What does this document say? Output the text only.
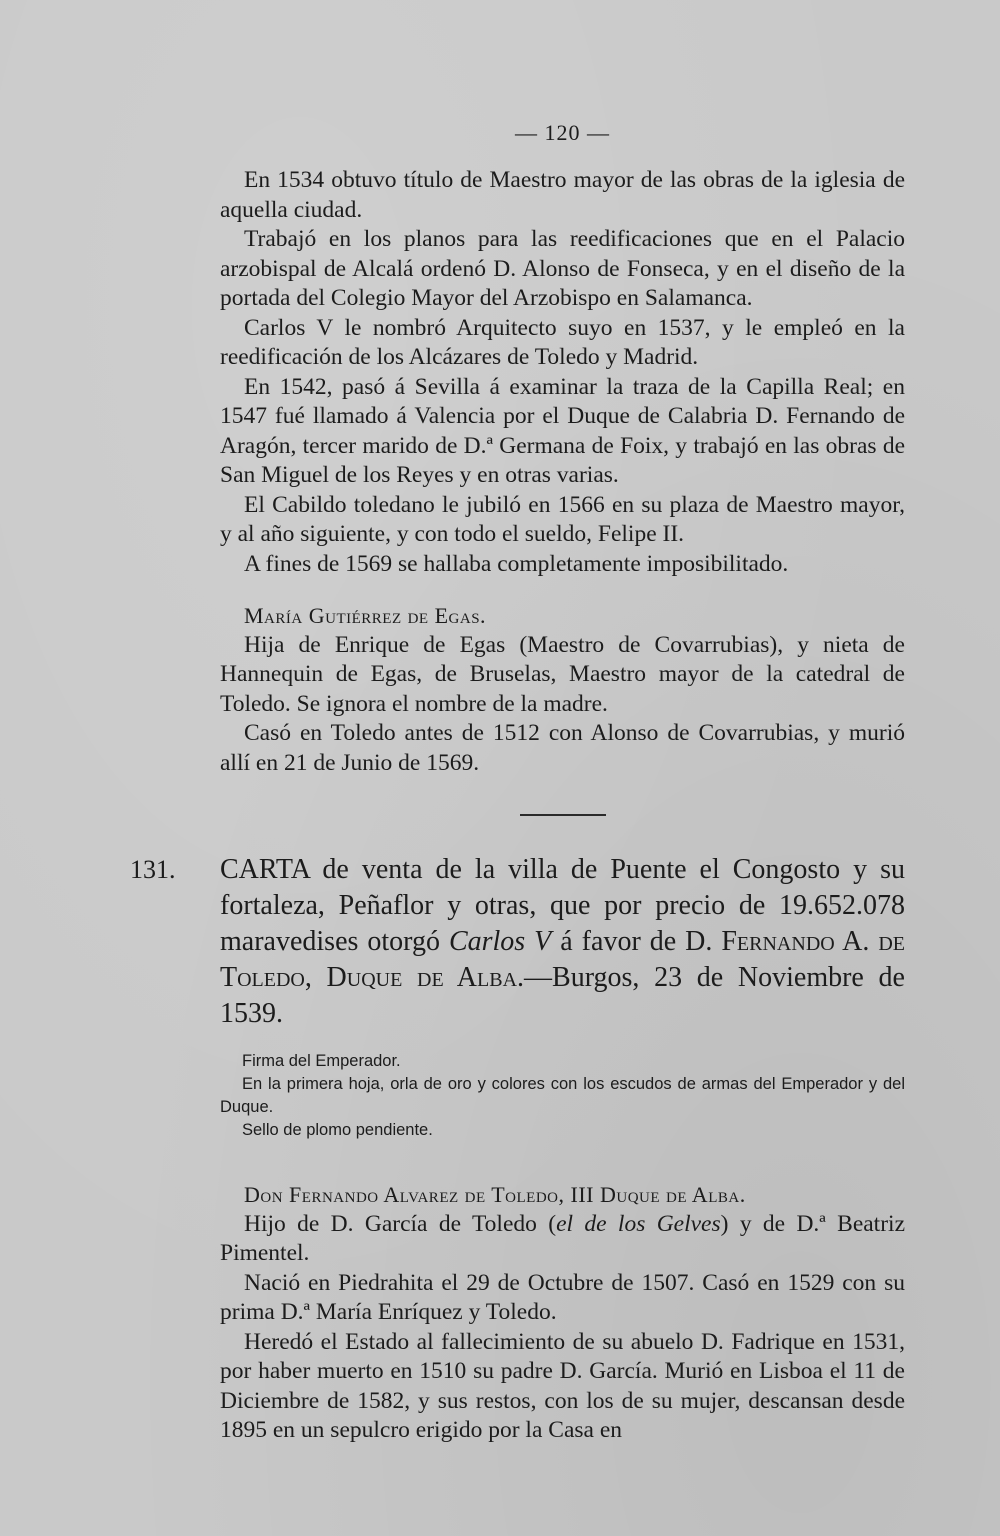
— 120 —

En 1534 obtuvo título de Maestro mayor de las obras de la iglesia de aquella ciudad.

Trabajó en los planos para las reedificaciones que en el Palacio arzobispal de Alcalá ordenó D. Alonso de Fonseca, y en el diseño de la portada del Colegio Mayor del Arzobispo en Salamanca.

Carlos V le nombró Arquitecto suyo en 1537, y le empleó en la reedificación de los Alcázares de Toledo y Madrid.

En 1542, pasó á Sevilla á examinar la traza de la Capilla Real; en 1547 fué llamado á Valencia por el Duque de Calabria D. Fernando de Aragón, tercer marido de D.ª Germana de Foix, y trabajó en las obras de San Miguel de los Reyes y en otras varias.

El Cabildo toledano le jubiló en 1566 en su plaza de Maestro mayor, y al año siguiente, y con todo el sueldo, Felipe II.

A fines de 1569 se hallaba completamente imposibilitado.

María Gutiérrez de Egas.

Hija de Enrique de Egas (Maestro de Covarrubias), y nieta de Hannequin de Egas, de Bruselas, Maestro mayor de la catedral de Toledo. Se ignora el nombre de la madre.

Casó en Toledo antes de 1512 con Alonso de Covarrubias, y murió allí en 21 de Junio de 1569.

131. CARTA de venta de la villa de Puente el Congosto y su fortaleza, Peñaflor y otras, que por precio de 19.652.078 maravedises otorgó Carlos V á favor de D. Fernando A. de Toledo, Duque de Alba.—Burgos, 23 de Noviembre de 1539.

Firma del Emperador.

En la primera hoja, orla de oro y colores con los escudos de armas del Emperador y del Duque.

Sello de plomo pendiente.

Don Fernando Alvarez de Toledo, III Duque de Alba.

Hijo de D. García de Toledo (el de los Gelves) y de D.ª Beatriz Pimentel.

Nació en Piedrahita el 29 de Octubre de 1507. Casó en 1529 con su prima D.ª María Enríquez y Toledo.

Heredó el Estado al fallecimiento de su abuelo D. Fadrique en 1531, por haber muerto en 1510 su padre D. García. Murió en Lisboa el 11 de Diciembre de 1582, y sus restos, con los de su mujer, descansan desde 1895 en un sepulcro erigido por la Casa en
